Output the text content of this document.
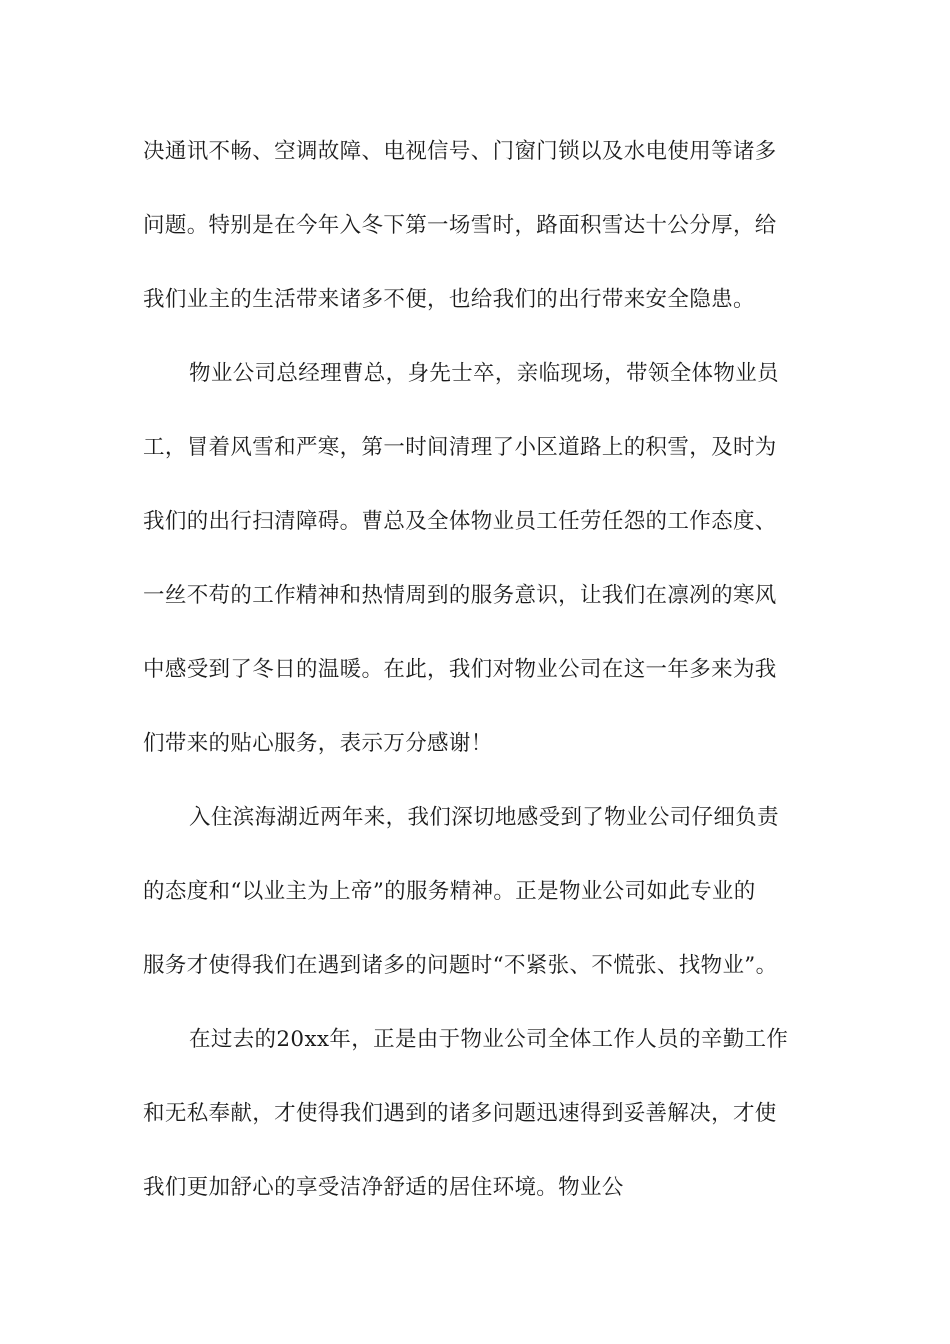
决通讯不畅、空调故障、电视信号、门窗门锁以及水电使用等诸多
问题。特别是在今年入冬下第一场雪时，路面积雪达十公分厚，给
我们业主的生活带来诸多不便，也给我们的出行带来安全隐患。
物业公司总经理曹总，身先士卒，亲临现场，带领全体物业员
工，冒着风雪和严寒，第一时间清理了小区道路上的积雪，及时为
我们的出行扫清障碍。曹总及全体物业员工任劳任怨的工作态度、
一丝不苟的工作精神和热情周到的服务意识，让我们在凛冽的寒风
中感受到了冬日的温暖。在此，我们对物业公司在这一年多来为我
们带来的贴心服务，表示万分感谢！
入住滨海湖近两年来，我们深切地感受到了物业公司仔细负责
的态度和“以业主为上帝”的服务精神。正是物业公司如此专业的
服务才使得我们在遇到诸多的问题时“不紧张、不慌张、找物业”。
在过去的20xx年，正是由于物业公司全体工作人员的辛勤工作
和无私奉献，才使得我们遇到的诸多问题迅速得到妥善解决，才使
我们更加舒心的享受洁净舒适的居住环境。物业公
